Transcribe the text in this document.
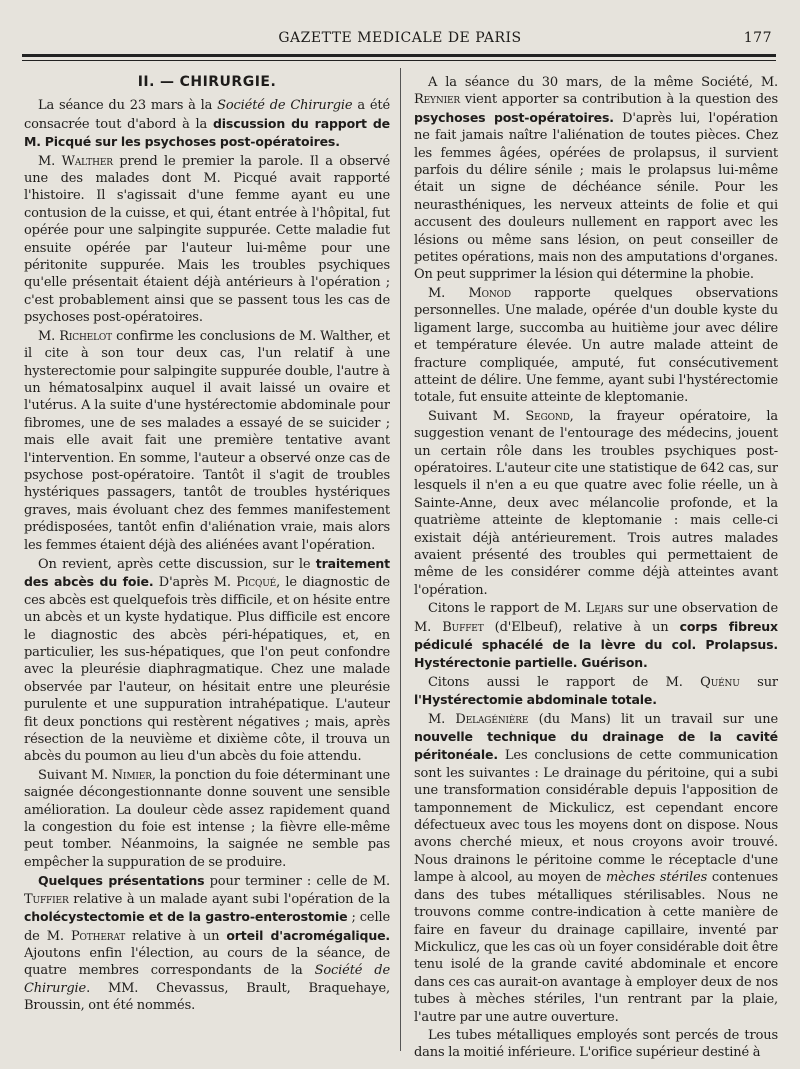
GAZETTE MEDICALE DE PARIS	177
II. — CHIRURGIE.

La séance du 23 mars à la Société de Chirurgie a été consacrée tout d'abord à la discussion du rapport de M. Picqué sur les psychoses post-opératoires.

M. Walther prend le premier la parole. Il a observé une des malades dont M. Picqué avait rapporté l'histoire. Il s'agissait d'une femme ayant eu une contusion de la cuisse, et qui, étant entrée à l'hôpital, fut opérée pour une salpingite suppurée. Cette maladie fut ensuite opérée par l'auteur lui-même pour une péritonite suppurée. Mais les troubles psychiques qu'elle présentait étaient déjà antérieurs à l'opération ; c'est probablement ainsi que se passent tous les cas de psychoses post-opératoires.

M. Richelot confirme les conclusions de M. Walther, et il cite à son tour deux cas, l'un relatif à une hysterectomie pour salpingite suppurée double, l'autre à un hématosalpinx auquel il avait laissé un ovaire et l'utérus. A la suite d'une hystérectomie abdominale pour fibromes, une de ses malades a essayé de se suicider ; mais elle avait fait une première tentative avant l'intervention. En somme, l'auteur a observé onze cas de psychose post-opératoire. Tantôt il s'agit de troubles hystériques passagers, tantôt de troubles hystériques graves, mais évoluant chez des femmes manifestement prédisposées, tantôt enfin d'aliénation vraie, mais alors les femmes étaient déjà des aliénées avant l'opération.

On revient, après cette discussion, sur le traitement des abcès du foie. D'après M. Picqué, le diagnostic de ces abcès est quelquefois très difficile, et on hésite entre un abcès et un kyste hydatique. Plus difficile est encore le diagnostic des abcès péri-hépatiques, et, en particulier, les sus-hépatiques, que l'on peut confondre avec la pleurésie diaphragmatique. Chez une malade observée par l'auteur, on hésitait entre une pleurésie purulente et une suppuration intrahépatique. L'auteur fit deux ponctions qui restèrent négatives ; mais, après résection de la neuvième et dixième côte, il trouva un abcès du poumon au lieu d'un abcès du foie attendu.

Suivant M. Nimier, la ponction du foie déterminant une saignée décongestionnante donne souvent une sensible amélioration. La douleur cède assez rapidement quand la congestion du foie est intense ; la fièvre elle-même peut tomber. Néanmoins, la saignée ne semble pas empêcher la suppuration de se produire.

Quelques présentations pour terminer : celle de M. Tuffier relative à un malade ayant subi l'opération de la cholécystectomie et de la gastro-enterostomie ; celle de M. Potherat relative à un orteil d'acromégalique. Ajoutons enfin l'élection, au cours de la séance, de quatre membres correspondants de la Société de Chirurgie. MM. Chevassus, Brault, Braquehaye, Broussin, ont été nommés.

A la séance du 30 mars, de la même Société, M. Reynier vient apporter sa contribution à la question des psychoses post-opératoires. D'après lui, l'opération ne fait jamais naître l'aliénation de toutes pièces. Chez les femmes âgées, opérées de prolapsus, il survient parfois du délire sénile ; mais le prolapsus lui-même était un signe de déchéance sénile. Pour les neurasthéniques, les nerveux atteints de folie et qui accusent des douleurs nullement en rapport avec les lésions ou même sans lésion, on peut conseiller de petites opérations, mais non des amputations d'organes. On peut supprimer la lésion qui détermine la phobie.

M. Monod rapporte quelques observations personnelles. Une malade, opérée d'un double kyste du ligament large, succomba au huitième jour avec délire et température élevée. Un autre malade atteint de fracture compliquée, amputé, fut consécutivement atteint de délire. Une femme, ayant subi l'hystérectomie totale, fut ensuite atteinte de kleptomanie.

Suivant M. Segond, la frayeur opératoire, la suggestion venant de l'entourage des médecins, jouent un certain rôle dans les troubles psychiques post-opératoires. L'auteur cite une statistique de 642 cas, sur lesquels il n'en a eu que quatre avec folie réelle, un à Sainte-Anne, deux avec mélancolie profonde, et la quatrième atteinte de kleptomanie : mais celle-ci existait déjà antérieurement. Trois autres malades avaient présenté des troubles qui permettaient de même de les considérer comme déjà atteintes avant l'opération.

Citons le rapport de M. Lejars sur une observation de M. Buffet (d'Elbeuf), relative à un corps fibreux pédiculé sphacélé de la lèvre du col. Prolapsus. Hystérectonie partielle. Guérison.

Citons aussi le rapport de M. Quénu sur l'Hystérectomie abdominale totale.

M. Delagénière (du Mans) lit un travail sur une nouvelle technique du drainage de la cavité péritonéale. Les conclusions de cette communication sont les suivantes : Le drainage du péritoine, qui a subi une transformation considérable depuis l'apposition de tamponnement de Mickulicz, est cependant encore défectueux avec tous les moyens dont on dispose. Nous avons cherché mieux, et nous croyons avoir trouvé. Nous drainons le péritoine comme le réceptacle d'une lampe à alcool, au moyen de mèches stériles contenues dans des tubes métalliques stérilisables. Nous ne trouvons comme contre-indication à cette manière de faire en faveur du drainage capillaire, inventé par Mickulicz, que les cas où un foyer considérable doit être tenu isolé de la grande cavité abdominale et encore dans ces cas aurait-on avantage à employer deux de nos tubes à mèches stériles, l'un rentrant par la plaie, l'autre par une autre ouverture.

Les tubes métalliques employés sont percés de trous dans la moitié inférieure. L'orifice supérieur destiné à
